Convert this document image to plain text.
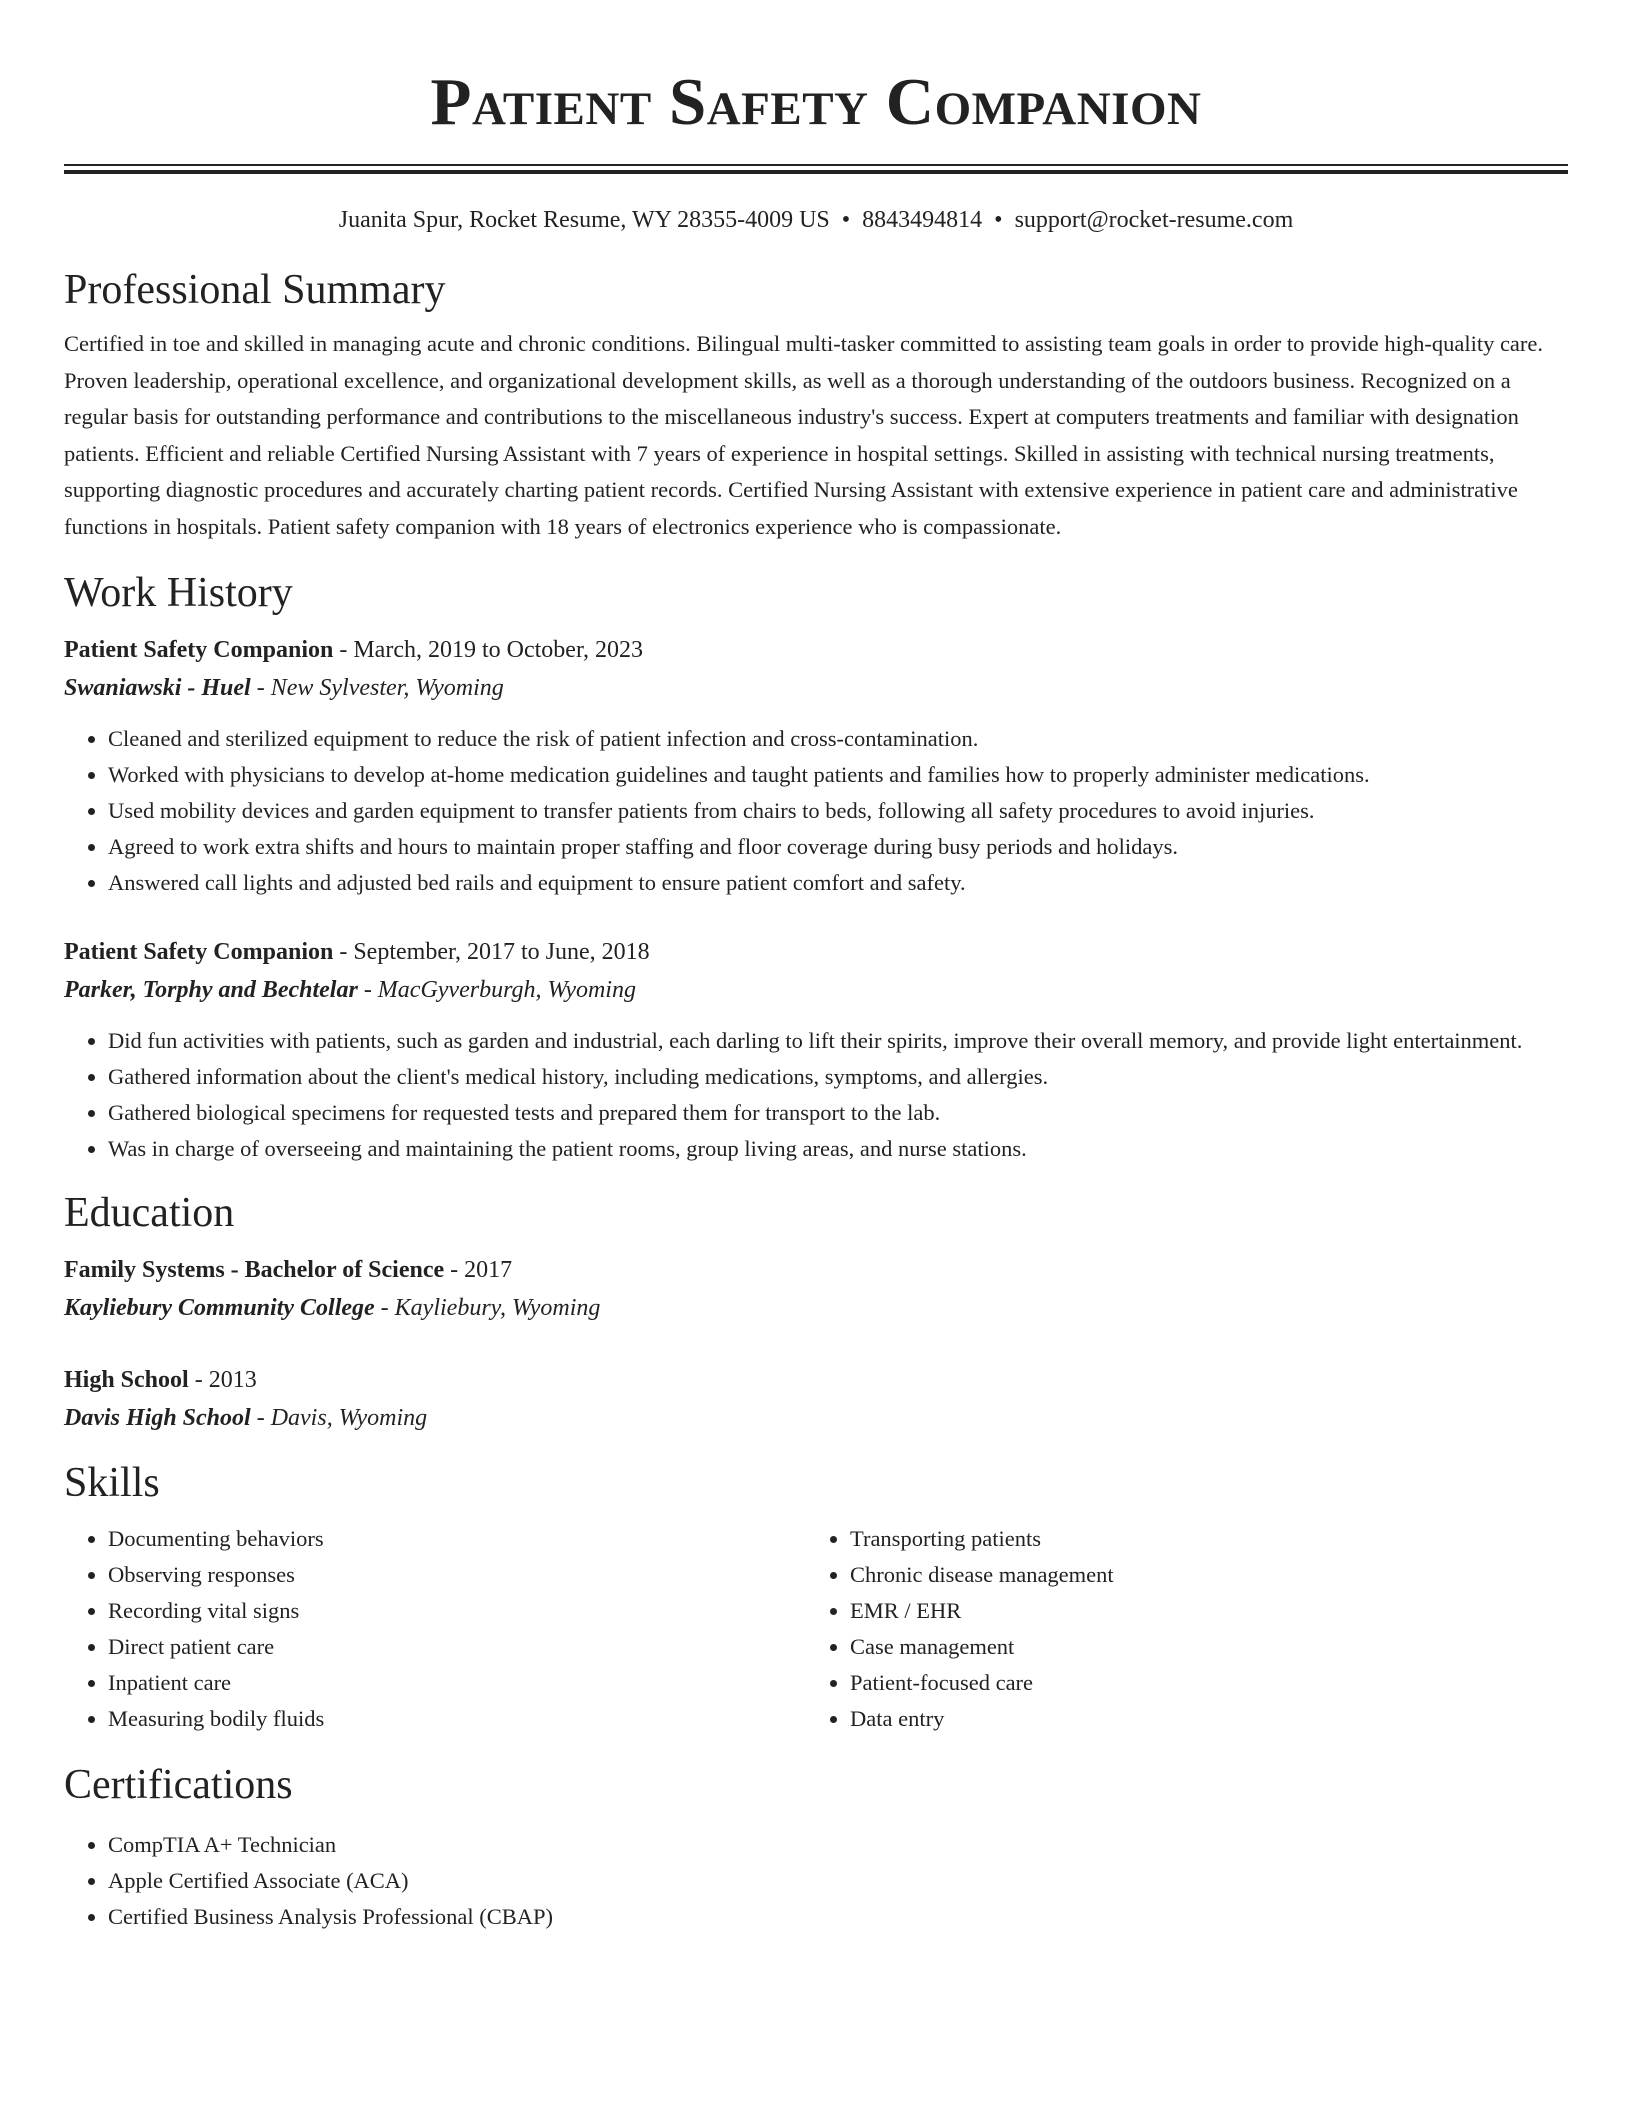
Patient Safety Companion
Juanita Spur, Rocket Resume, WY 28355-4009 US • 8843494814 • support@rocket-resume.com
Professional Summary

Certified in toe and skilled in managing acute and chronic conditions. Bilingual multi-tasker committed to assisting team goals in order to provide high-quality care. Proven leadership, operational excellence, and organizational development skills, as well as a thorough understanding of the outdoors business. Recognized on a regular basis for outstanding performance and contributions to the miscellaneous industry's success. Expert at computers treatments and familiar with designation patients. Efficient and reliable Certified Nursing Assistant with 7 years of experience in hospital settings. Skilled in assisting with technical nursing treatments, supporting diagnostic procedures and accurately charting patient records. Certified Nursing Assistant with extensive experience in patient care and administrative functions in hospitals. Patient safety companion with 18 years of electronics experience who is compassionate.

Work History
Patient Safety Companion - March, 2019 to October, 2023
Swaniawski - Huel - New Sylvester, Wyoming
• Cleaned and sterilized equipment to reduce the risk of patient infection and cross-contamination.
• Worked with physicians to develop at-home medication guidelines and taught patients and families how to properly administer medications.
• Used mobility devices and garden equipment to transfer patients from chairs to beds, following all safety procedures to avoid injuries.
• Agreed to work extra shifts and hours to maintain proper staffing and floor coverage during busy periods and holidays.
• Answered call lights and adjusted bed rails and equipment to ensure patient comfort and safety.
Patient Safety Companion - September, 2017 to June, 2018
Parker, Torphy and Bechtelar - MacGyverburgh, Wyoming
• Did fun activities with patients, such as garden and industrial, each darling to lift their spirits, improve their overall memory, and provide light entertainment.
• Gathered information about the client's medical history, including medications, symptoms, and allergies.
• Gathered biological specimens for requested tests and prepared them for transport to the lab.
• Was in charge of overseeing and maintaining the patient rooms, group living areas, and nurse stations.
Education
Family Systems - Bachelor of Science - 2017
Kayliebury Community College - Kayliebury, Wyoming
High School - 2013
Davis High School - Davis, Wyoming
Skills
• Documenting behaviors
• Observing responses
• Recording vital signs
• Direct patient care
• Inpatient care
• Measuring bodily fluids
• Transporting patients
• Chronic disease management
• EMR / EHR
• Case management
• Patient-focused care
• Data entry
Certifications
• CompTIA A+ Technician
• Apple Certified Associate (ACA)
• Certified Business Analysis Professional (CBAP)
